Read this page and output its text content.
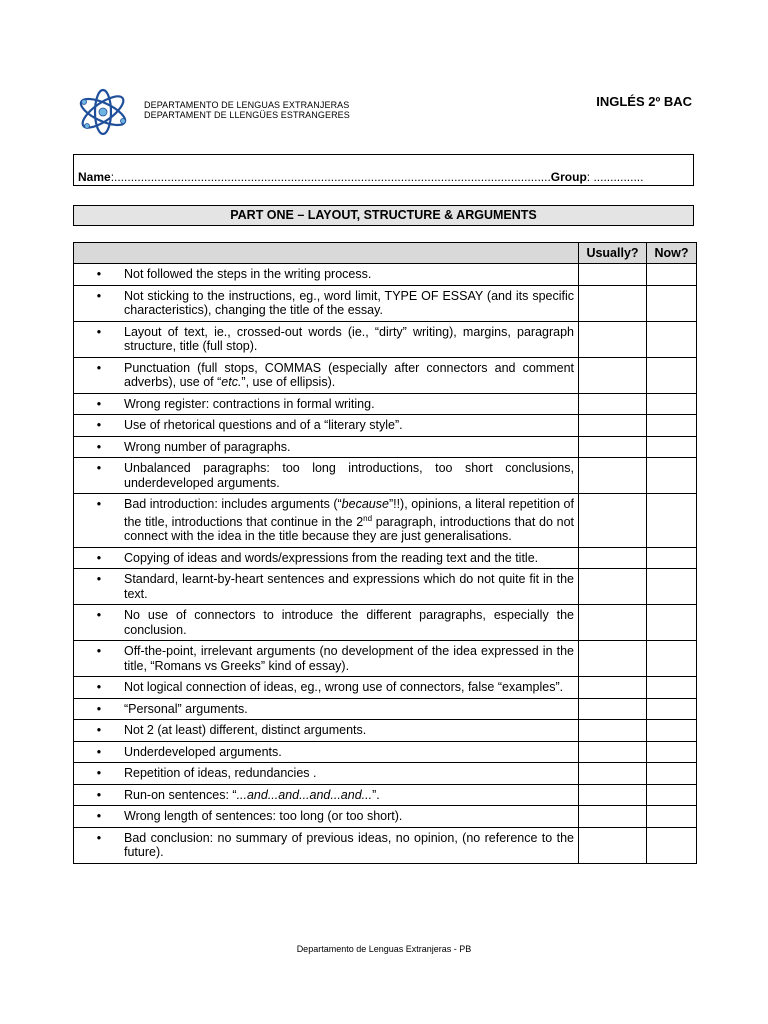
DEPARTAMENTO DE LENGUAS EXTRANJERAS
DEPARTAMENT DE LLENGÜES ESTRANGERES
INGLÉS 2º BAC
Name:...................................................................................................................................Group: ...............
PART ONE – LAYOUT, STRUCTURE & ARGUMENTS
	Usually?	Now?

• Not followed the steps in the writing process.		

• Not sticking to the instructions, eg., word limit, TYPE OF ESSAY (and its specific characteristics), changing the title of the essay.		

• Layout of text, ie., crossed-out words (ie., “dirty” writing), margins, paragraph structure, title (full stop).		

• Punctuation (full stops, COMMAS (especially after connectors and comment adverbs), use of “etc.”, use of ellipsis).		

• Wrong register: contractions in formal writing.		

• Use of rhetorical questions and of a “literary style”.		

• Wrong number of paragraphs.		

• Unbalanced paragraphs: too long introductions, too short conclusions, underdeveloped arguments.		

• Bad introduction: includes arguments (“because”!!), opinions, a literal repetition of the title, introductions that continue in the 2nd paragraph, introductions that do not connect with the idea in the title because they are just generalisations.		

• Copying of ideas and words/expressions from the reading text and the title.		

• Standard, learnt-by-heart sentences and expressions which do not quite fit in the text.		

• No use of connectors to introduce the different paragraphs, especially the conclusion.		

• Off-the-point, irrelevant arguments (no development of the idea expressed in the title, “Romans vs Greeks” kind of essay).		

• Not logical connection of ideas, eg., wrong use of connectors, false “examples”.		

• “Personal” arguments.		

• Not 2 (at least) different, distinct arguments.		

• Underdeveloped arguments.		

• Repetition of ideas, redundancies .		

• Run-on sentences: “...and...and...and...and...”.		

• Wrong length of sentences: too long (or too short).		

• Bad conclusion: no summary of previous ideas, no opinion, (no reference to the future).		

Departamento de Lenguas Extranjeras - PB
